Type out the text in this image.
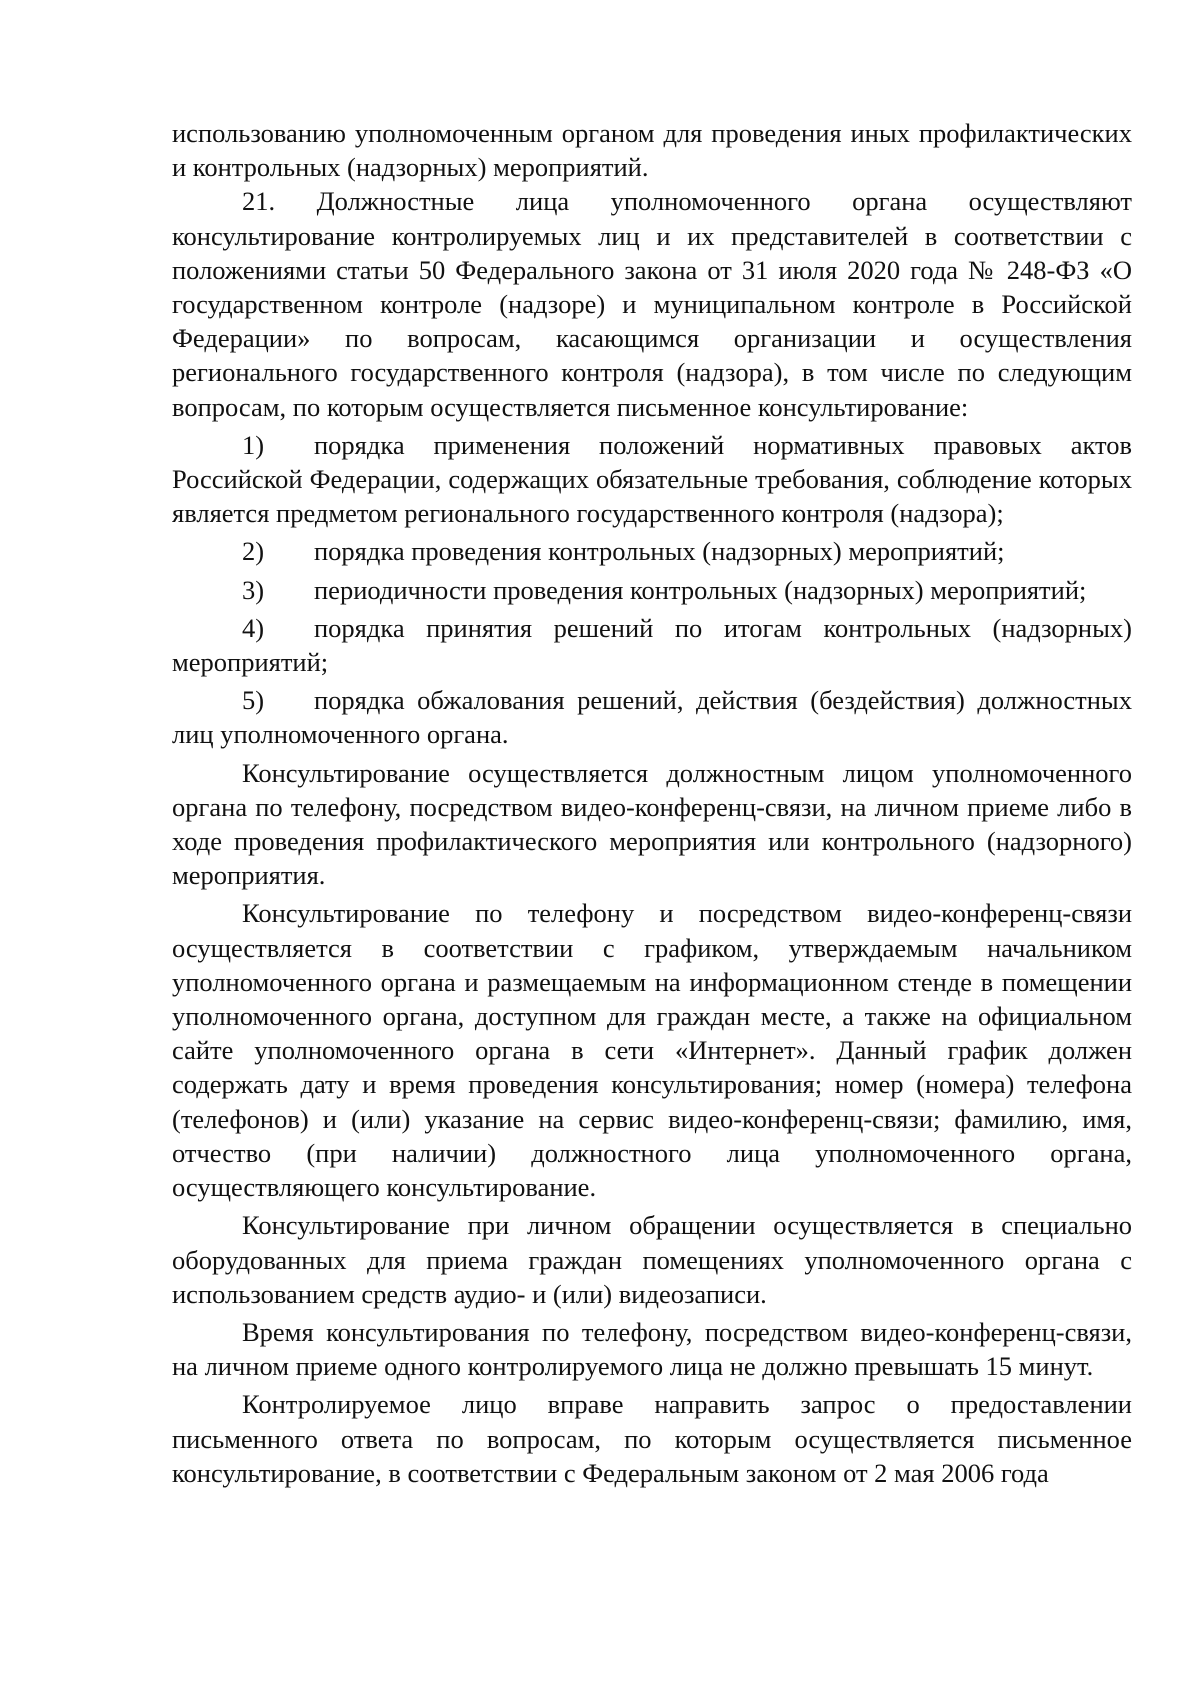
использованию уполномоченным органом для проведения иных профилактических и контрольных (надзорных) мероприятий.

21. Должностные лица уполномоченного органа осуществляют консультирование контролируемых лиц и их представителей в соответствии с положениями статьи 50 Федерального закона от 31 июля 2020 года № 248-ФЗ «О государственном контроле (надзоре) и муниципальном контроле в Российской Федерации» по вопросам, касающимся организации и осуществления регионального государственного контроля (надзора), в том числе по следующим вопросам, по которым осуществляется письменное консультирование:

1) порядка применения положений нормативных правовых актов Российской Федерации, содержащих обязательные требования, соблюдение которых является предметом регионального государственного контроля (надзора);

2) порядка проведения контрольных (надзорных) мероприятий;

3) периодичности проведения контрольных (надзорных) мероприятий;

4) порядка принятия решений по итогам контрольных (надзорных) мероприятий;

5) порядка обжалования решений, действия (бездействия) должностных лиц уполномоченного органа.

Консультирование осуществляется должностным лицом уполномоченного органа по телефону, посредством видео-конференц-связи, на личном приеме либо в ходе проведения профилактического мероприятия или контрольного (надзорного) мероприятия.

Консультирование по телефону и посредством видео-конференц-связи осуществляется в соответствии с графиком, утверждаемым начальником уполномоченного органа и размещаемым на информационном стенде в помещении уполномоченного органа, доступном для граждан месте, а также на официальном сайте уполномоченного органа в сети «Интернет». Данный график должен содержать дату и время проведения консультирования; номер (номера) телефона (телефонов) и (или) указание на сервис видео-конференц-связи; фамилию, имя, отчество (при наличии) должностного лица уполномоченного органа, осуществляющего консультирование.

Консультирование при личном обращении осуществляется в специально оборудованных для приема граждан помещениях уполномоченного органа с использованием средств аудио- и (или) видеозаписи.

Время консультирования по телефону, посредством видео-конференц-связи, на личном приеме одного контролируемого лица не должно превышать 15 минут.

Контролируемое лицо вправе направить запрос о предоставлении письменного ответа по вопросам, по которым осуществляется письменное консультирование, в соответствии с Федеральным законом от 2 мая 2006 года
